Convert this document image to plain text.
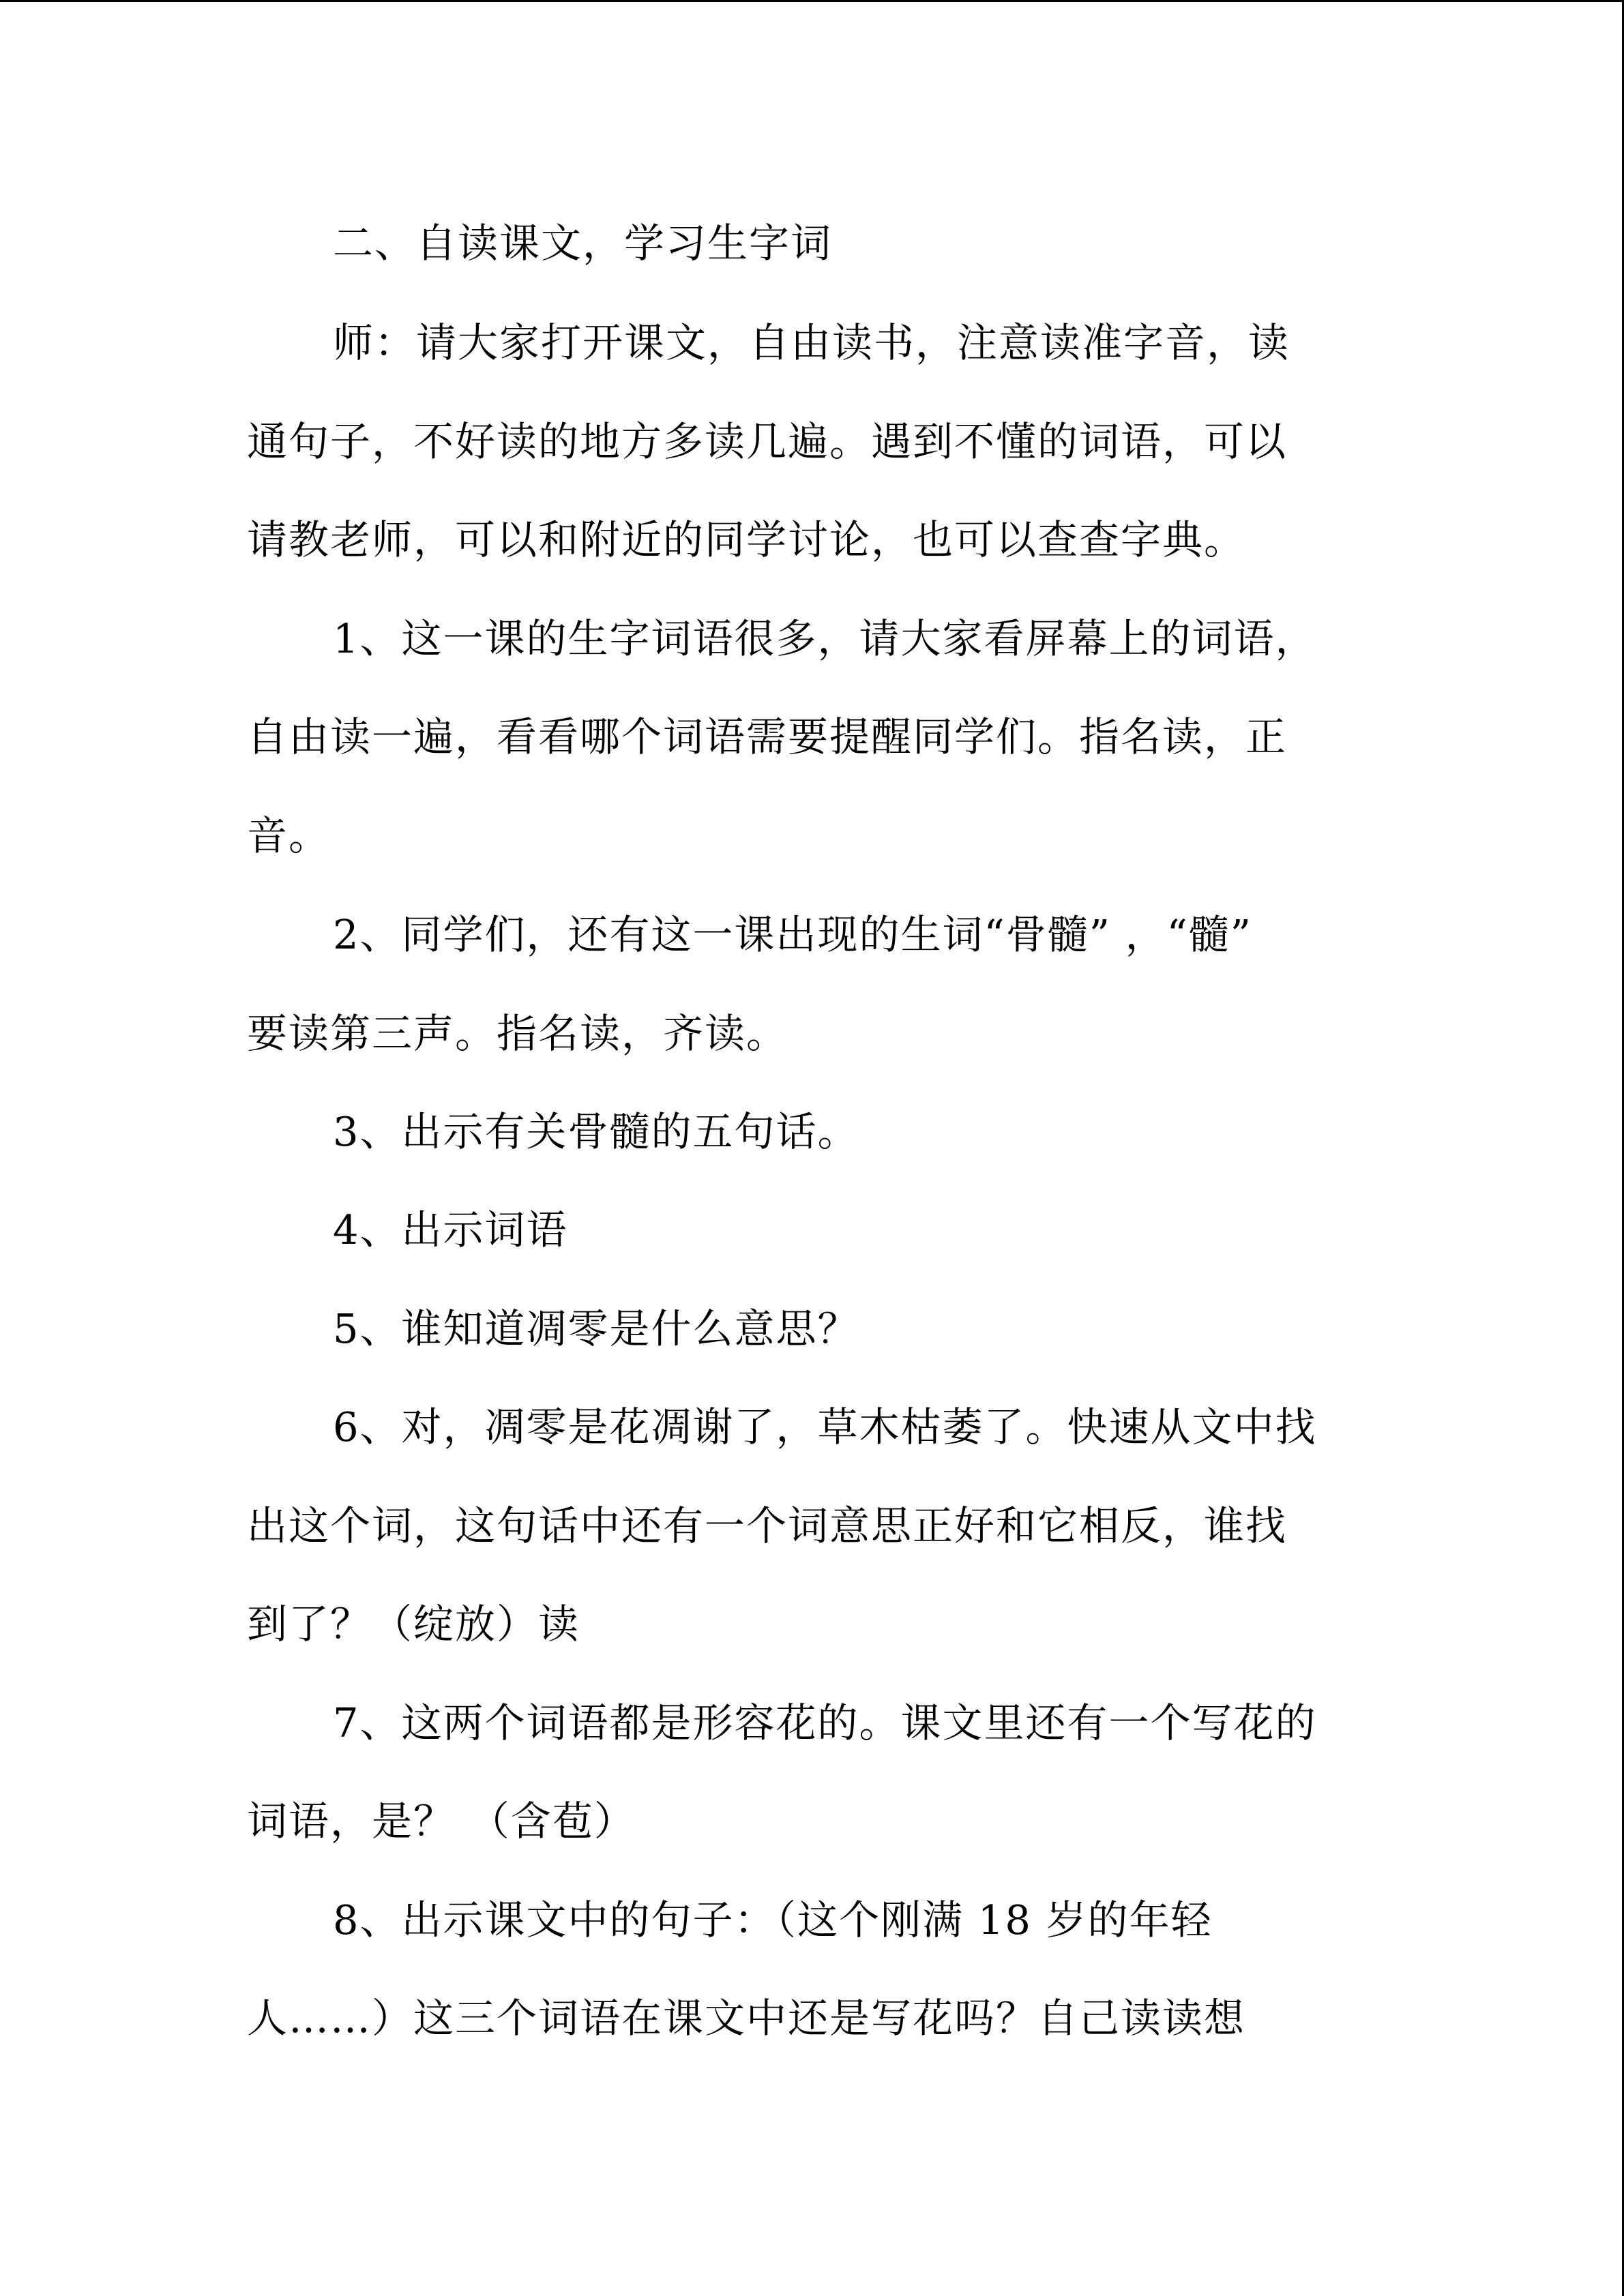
二、自读课文，学习生字词
师：请大家打开课文，自由读书，注意读准字音，读
通句子，不好读的地方多读几遍。遇到不懂的词语，可以
请教老师，可以和附近的同学讨论，也可以查查字典。
1、这一课的生字词语很多，请大家看屏幕上的词语，
自由读一遍，看看哪个词语需要提醒同学们。指名读，正
音。
2、同学们，还有这一课出现的生词“骨髓” ，“髓”
要读第三声。指名读，齐读。
3、出示有关骨髓的五句话。
4、出示词语
5、谁知道凋零是什么意思？
6、对，凋零是花凋谢了，草木枯萎了。快速从文中找
出这个词，这句话中还有一个词意思正好和它相反，谁找
到了？（绽放）读
7、这两个词语都是形容花的。课文里还有一个写花的
词语，是？ （含苞）
8、出示课文中的句子：（这个刚满 18 岁的年轻
人……）这三个词语在课文中还是写花吗？自己读读想
